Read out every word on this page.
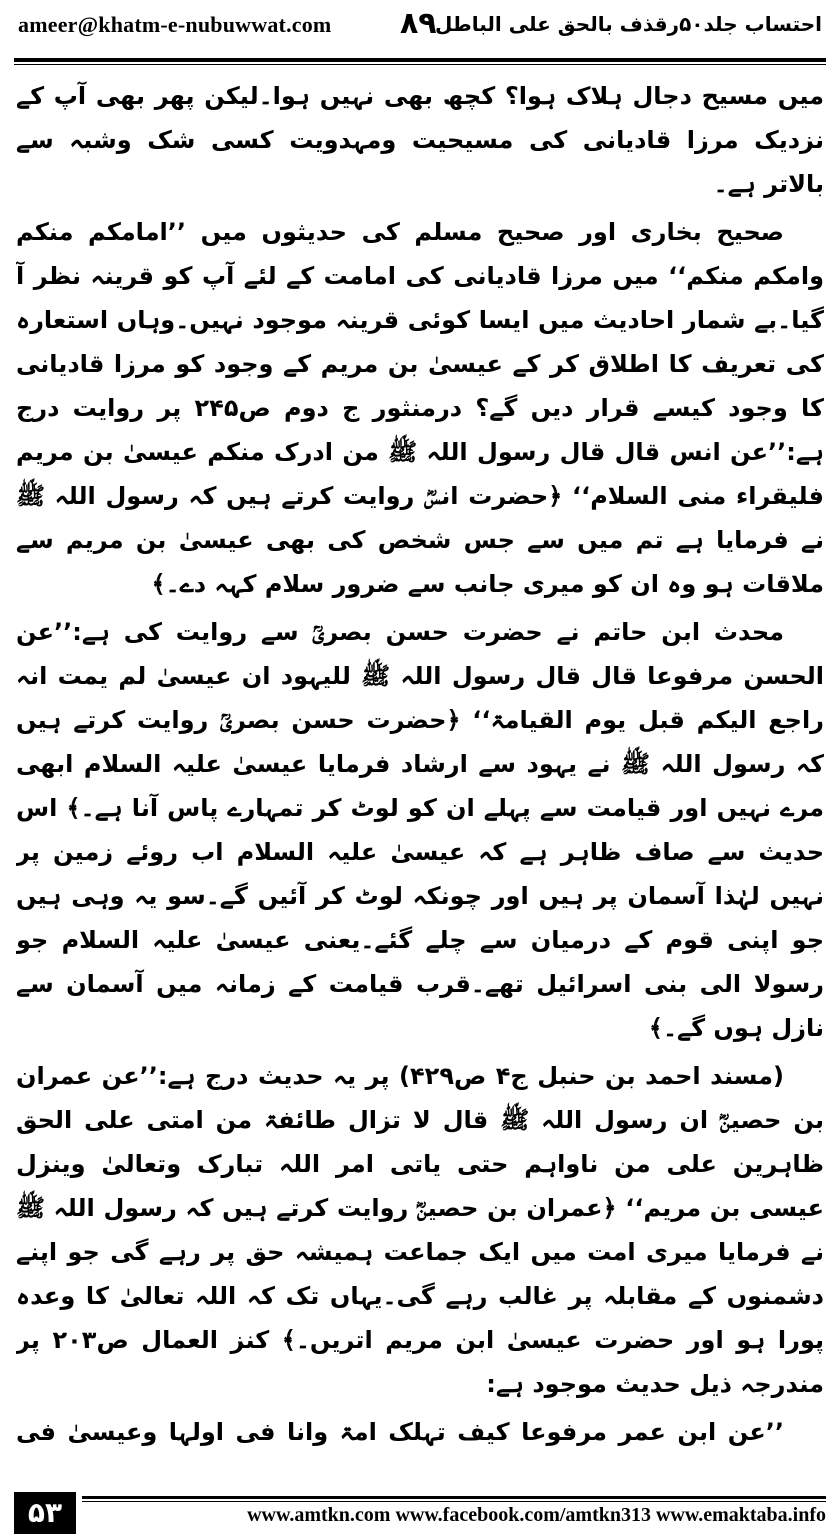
ameer@khatm-e-nubuwwat.com ٨٩
احتساب جلد۵۰رقذف بالحق علی الباطل

میں مسیح دجال ہلاک ہوا؟ کچھ بھی نہیں ہوا۔لیکن پھر بھی آپ کے نزدیک مرزا قادیانی کی مسیحیت ومہدویت کسی شک وشبہ سے بالاتر ہے۔

صحیح بخاری اور صحیح مسلم کی حدیثوں میں ’’امامکم منکم وامکم منکم‘‘ میں مرزا قادیانی کی امامت کے لئے آپ کو قرینہ نظر آ گیا۔بے شمار احادیث میں ایسا کوئی قرینہ موجود نہیں۔وہاں استعارہ کی تعریف کا اطلاق کر کے عیسیٰ بن مریم کے وجود کو مرزا قادیانی کا وجود کیسے قرار دیں گے؟ درمنثور ج دوم ص۲۴۵ پر روایت درج ہے:’’عن انس قال قال رسول اللہ ﷺ من ادرک منکم عیسیٰ بن مریم فلیقراء منی السلام‘‘ ﴿حضرت انسؓ روایت کرتے ہیں کہ رسول اللہ ﷺ نے فرمایا ہے تم میں سے جس شخص کی بھی عیسیٰ بن مریم سے ملاقات ہو وہ ان کو میری جانب سے ضرور سلام کہہ دے۔﴾

محدث ابن حاتم نے حضرت حسن بصریؒ سے روایت کی ہے:’’عن الحسن مرفوعا قال قال رسول اللہ ﷺ للیہود ان عیسیٰ لم یمت انہ راجع الیکم قبل یوم القیامۃ‘‘ ﴿حضرت حسن بصریؒ روایت کرتے ہیں کہ رسول اللہ ﷺ نے یہود سے ارشاد فرمایا عیسیٰ علیہ السلام ابھی مرے نہیں اور قیامت سے پہلے ان کو لوٹ کر تمہارے پاس آنا ہے۔﴾ اس حدیث سے صاف ظاہر ہے کہ عیسیٰ علیہ السلام اب روئے زمین پر نہیں لہٰذا آسمان پر ہیں اور چونکہ لوٹ کر آئیں گے۔سو یہ وہی ہیں جو اپنی قوم کے درمیان سے چلے گئے۔یعنی عیسیٰ علیہ السلام جو رسولا الی بنی اسرائیل تھے۔قرب قیامت کے زمانہ میں آسمان سے نازل ہوں گے۔﴾

(مسند احمد بن حنبل ج۴ ص۴۲۹) پر یہ حدیث درج ہے:’’عن عمران بن حصینؓ ان رسول اللہ ﷺ قال لا تزال طائفۃ من امتی علی الحق ظاہرین علی من ناواہم حتی یاتی امر اللہ تبارک وتعالیٰ وینزل عیسی بن مریم‘‘ ﴿عمران بن حصینؓ روایت کرتے ہیں کہ رسول اللہ ﷺ نے فرمایا میری امت میں ایک جماعت ہمیشہ حق پر رہے گی جو اپنے دشمنوں کے مقابلہ پر غالب رہے گی۔یہاں تک کہ اللہ تعالیٰ کا وعدہ پورا ہو اور حضرت عیسیٰ ابن مریم اتریں۔﴾ کنز العمال ص۲۰۳ پر مندرجہ ذیل حدیث موجود ہے:

’’عن ابن عمر مرفوعا کیف تہلک امۃ وانا فی اولہا وعیسیٰ فی

۵۳	www.amtkn.com www.facebook.com/amtkn313 www.emaktaba.info
